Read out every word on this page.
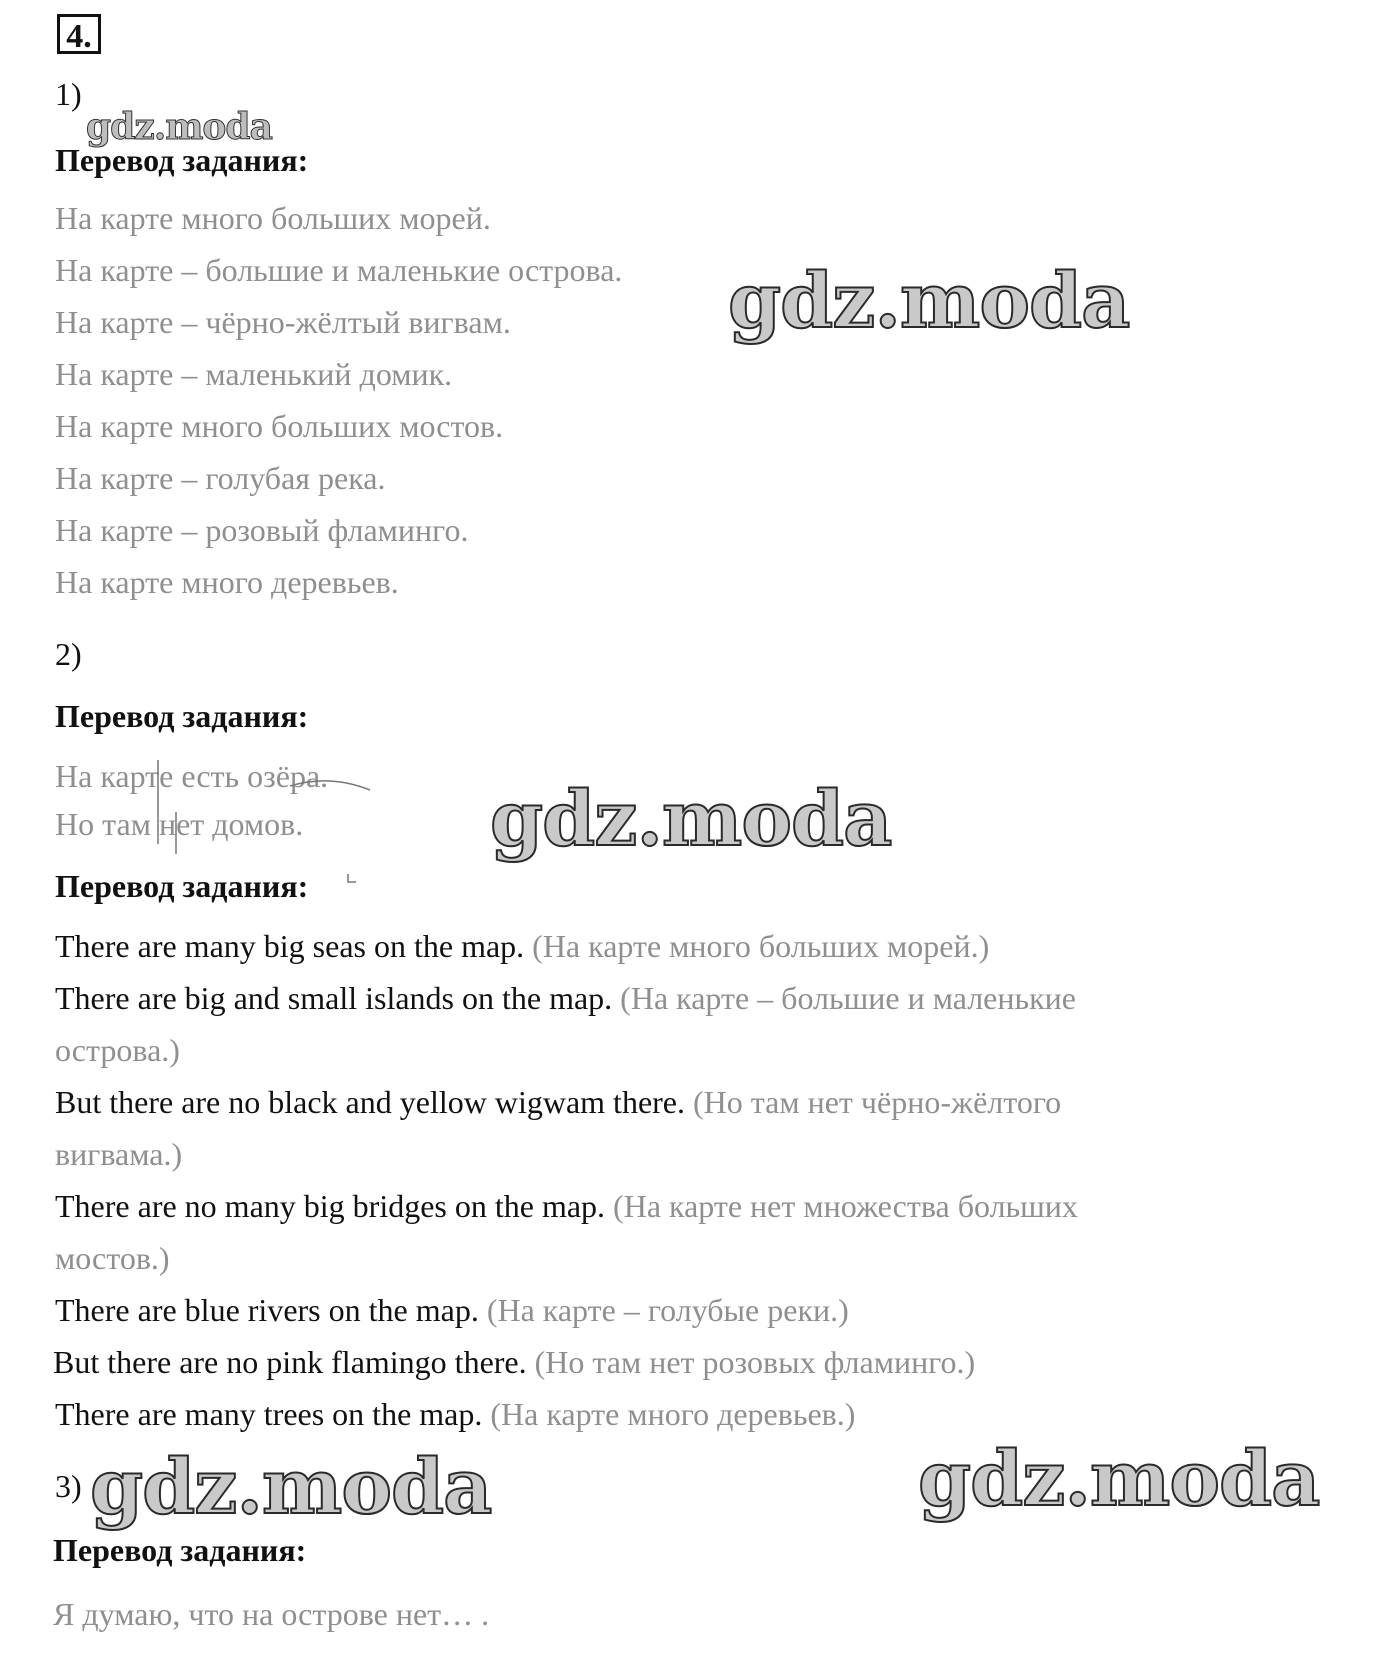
4.
1)
gdz.moda
Перевод задания:
На карте много больших морей.
На карте – большие и маленькие острова.
На карте – чёрно-жёлтый вигвам.
На карте – маленький домик.
На карте много больших мостов.
На карте – голубая река.
На карте – розовый фламинго.
На карте много деревьев.
gdz.moda
2)
Перевод задания:
На карте есть озёра.
Но там нет домов. gdz.moda
Перевод задания:
There are many big seas on the map. (На карте много больших морей.)
There are big and small islands on the map. (На карте – большие и маленькие
острова.)
But there are no black and yellow wigwam there. (Но там нет чёрно-жёлтого
вигвама.)
There are no many big bridges on the map. (На карте нет множества больших
мостов.)
There are blue rivers on the map. (На карте – голубые реки.)
But there are no pink flamingo there. (Но там нет розовых фламинго.)
There are many trees on the map. (На карте много деревьев.)
3) gdz.moda	gdz.moda
Перевод задания:
Я думаю, что на острове нет… .
